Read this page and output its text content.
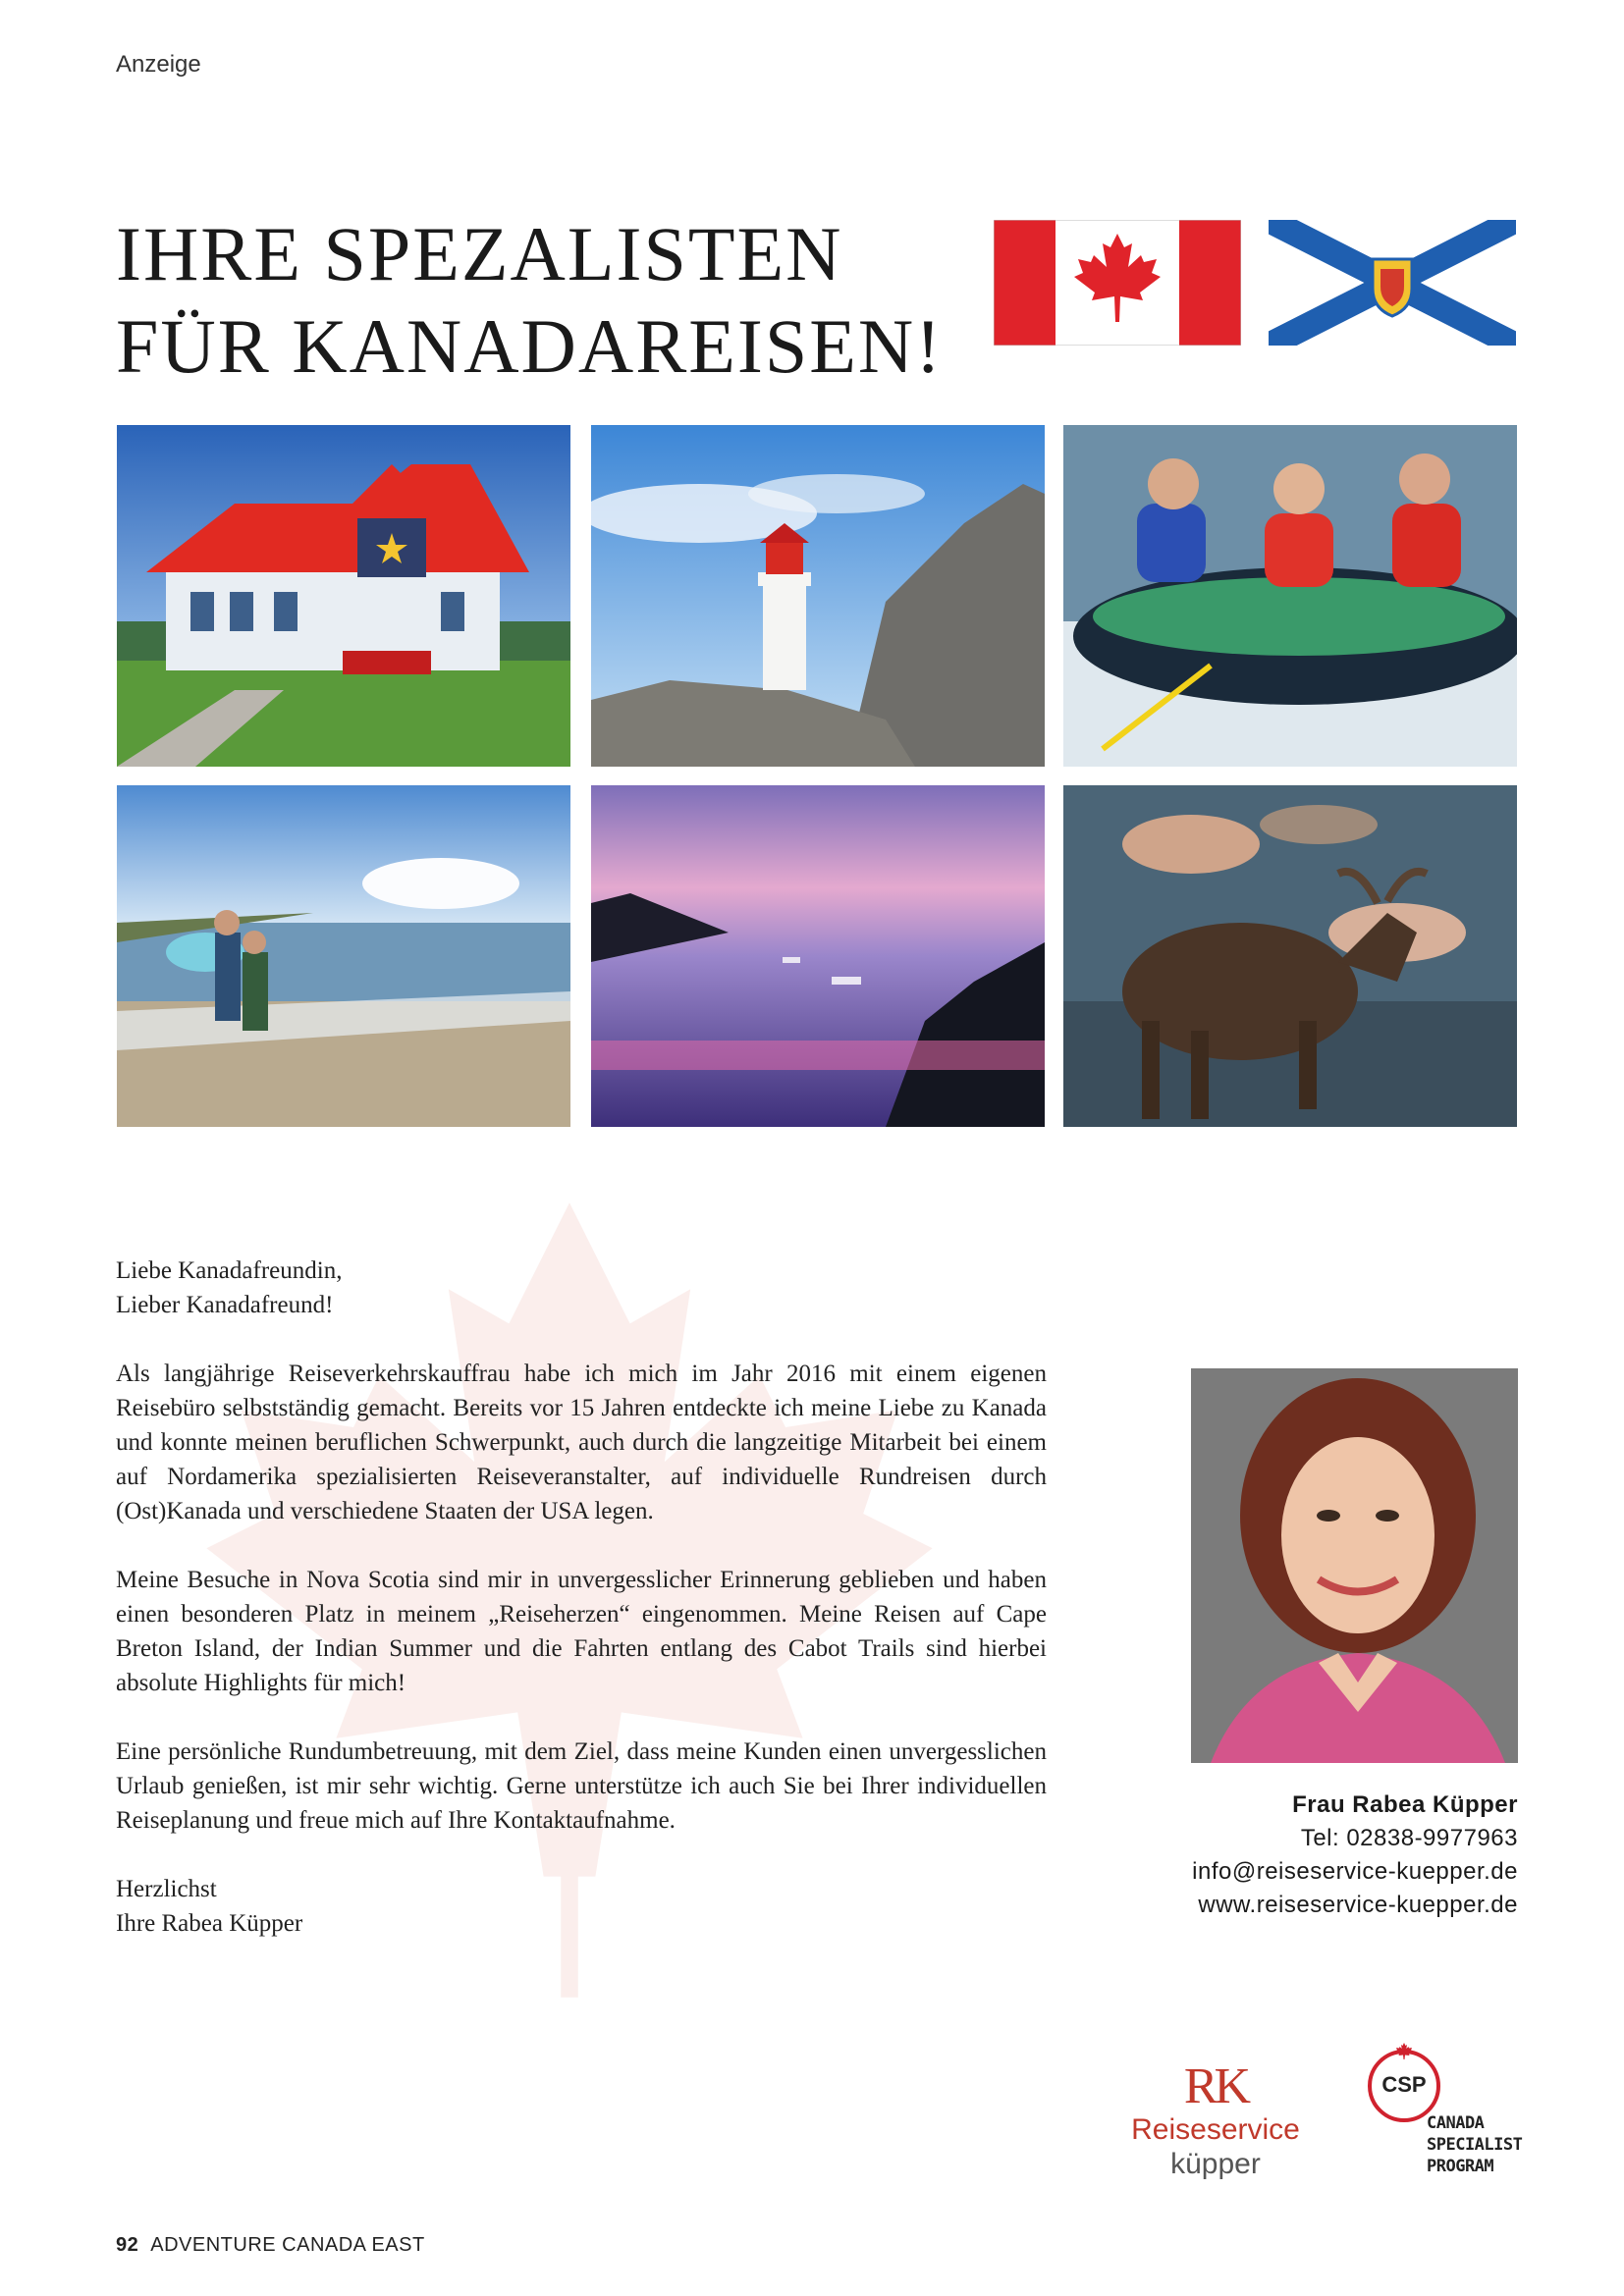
Anzeige
IHRE SPEZALISTEN
FÜR KANADAREISEN!

Liebe Kanadafreundin,
Lieber Kanadafreund!

Als langjährige Reiseverkehrskauffrau habe ich mich im Jahr 2016 mit einem eigenen Reisebüro selbstständig gemacht. Bereits vor 15 Jahren entdeckte ich meine Liebe zu Kanada und konnte meinen beruflichen Schwerpunkt, auch durch die langzeitige Mitarbeit bei einem auf Nordamerika spezialisierten Reiseveranstalter, auf individuelle Rundreisen durch (Ost)Kanada und verschiedene Staaten der USA legen.

Meine Besuche in Nova Scotia sind mir in unvergesslicher Erinnerung geblieben und haben einen besonderen Platz in meinem „Reiseherzen“ eingenommen. Meine Reisen auf Cape Breton Island, der Indian Summer und die Fahrten entlang des Cabot Trails sind hierbei absolute Highlights für mich!

Eine persönliche Rundumbetreuung, mit dem Ziel, dass meine Kunden einen unvergesslichen Urlaub genießen, ist mir sehr wichtig. Gerne unterstütze ich auch Sie bei Ihrer individuellen Reiseplanung und freue mich auf Ihre Kontaktaufnahme.

Herzlichst
Ihre Rabea Küpper

Frau Rabea Küpper
Tel: 02838-9977963
info@reiseservice-kuepper.de
www.reiseservice-kuepper.de
RK
Reiseservice
küpper
CSP
CANADA
SPECIALIST
PROGRAM
92 ADVENTURE CANADA EAST
